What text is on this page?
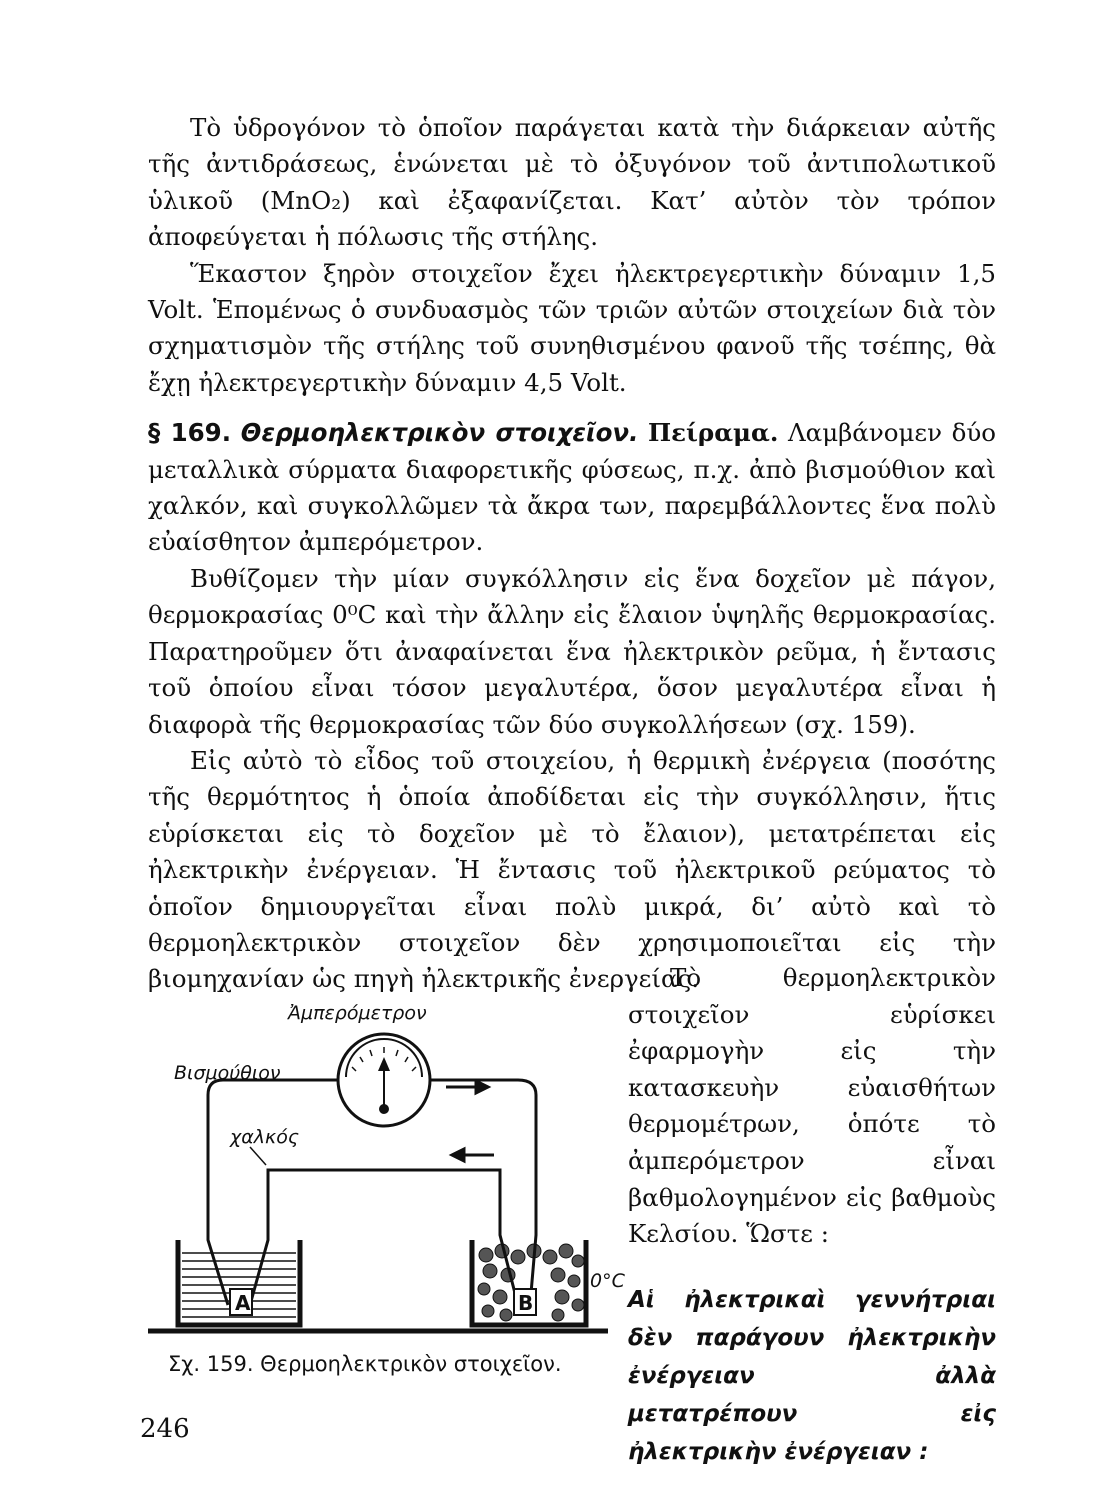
Τὸ ὑδρογόνον τὸ ὁποῖον παράγεται κατὰ τὴν διάρκειαν αὐτῆς τῆς ἀντιδράσεως, ἑνώνεται μὲ τὸ ὀξυγόνον τοῦ ἀντιπολωτικοῦ ὑλικοῦ (MnO₂) καὶ ἐξαφανίζεται. Κατ’ αὐτὸν τὸν τρόπον ἀποφεύγεται ἡ πόλωσις τῆς στήλης.

Ἕκαστον ξηρὸν στοιχεῖον ἔχει ἠλεκτρεγερτικὴν δύναμιν 1,5 Volt. Ἑπομένως ὁ συνδυασμὸς τῶν τριῶν αὐτῶν στοιχείων διὰ τὸν σχηματισμὸν τῆς στήλης τοῦ συνηθισμένου φανοῦ τῆς τσέπης, θὰ ἔχῃ ἠλεκτρεγερτικὴν δύναμιν 4,5 Volt.

§ 169. Θερμοηλεκτρικὸν στοιχεῖον. Πείραμα. Λαμβάνομεν δύο μεταλλικὰ σύρματα διαφορετικῆς φύσεως, π.χ. ἀπὸ βισμούθιον καὶ χαλκόν, καὶ συγκολλῶμεν τὰ ἄκρα των, παρεμβάλλοντες ἕνα πολὺ εὐαίσθητον ἀμπερόμετρον.

Βυθίζομεν τὴν μίαν συγκόλλησιν εἰς ἕνα δοχεῖον μὲ πάγον, θερμοκρασίας 0⁰C καὶ τὴν ἄλλην εἰς ἔλαιον ὑψηλῆς θερμοκρασίας. Παρατηροῦμεν ὅτι ἀναφαίνεται ἕνα ἠλεκτρικὸν ρεῦμα, ἡ ἔντασις τοῦ ὁποίου εἶναι τόσον μεγαλυτέρα, ὅσον μεγαλυτέρα εἶναι ἡ διαφορὰ τῆς θερμοκρασίας τῶν δύο συγκολλήσεων (σχ. 159).

Εἰς αὐτὸ τὸ εἶδος τοῦ στοιχείου, ἡ θερμικὴ ἐνέργεια (ποσότης τῆς θερμότητος ἡ ὁποία ἀποδίδεται εἰς τὴν συγκόλλησιν, ἥτις εὑρίσκεται εἰς τὸ δοχεῖον μὲ τὸ ἔλαιον), μετατρέπεται εἰς ἠλεκτρικὴν ἐνέργειαν. Ἡ ἔντασις τοῦ ἠλεκτρικοῦ ρεύματος τὸ ὁποῖον δημιουργεῖται εἶναι πολὺ μικρά, δι’ αὐτὸ καὶ τὸ θερμοηλεκτρικὸν στοιχεῖον δὲν χρησιμοποιεῖται εἰς τὴν βιομηχανίαν ὡς πηγὴ ἠλεκτρικῆς ἐνεργείας.

Τὸ θερμοηλεκτρικὸν στοιχεῖον εὑρίσκει ἐφαρμογὴν εἰς τὴν κατασκευὴν εὐαισθήτων θερμομέτρων, ὁπότε τὸ ἀμπερόμετρον εἶναι βαθμολογημένον εἰς βαθμοὺς Κελσίου. Ὥστε :

Αἱ ἠλεκτρικαὶ γεννήτριαι δὲν παράγουν ἠλεκτρικὴν ἐνέργειαν ἀλλὰ μετατρέπουν εἰς ἠλεκτρικὴν ἐνέργειαν :

A	B
Ἀμπερόμετρον
Βισμούθιον
χαλκός
0°C
Σχ. 159. Θερμοηλεκτρικὸν στοιχεῖον.
246
